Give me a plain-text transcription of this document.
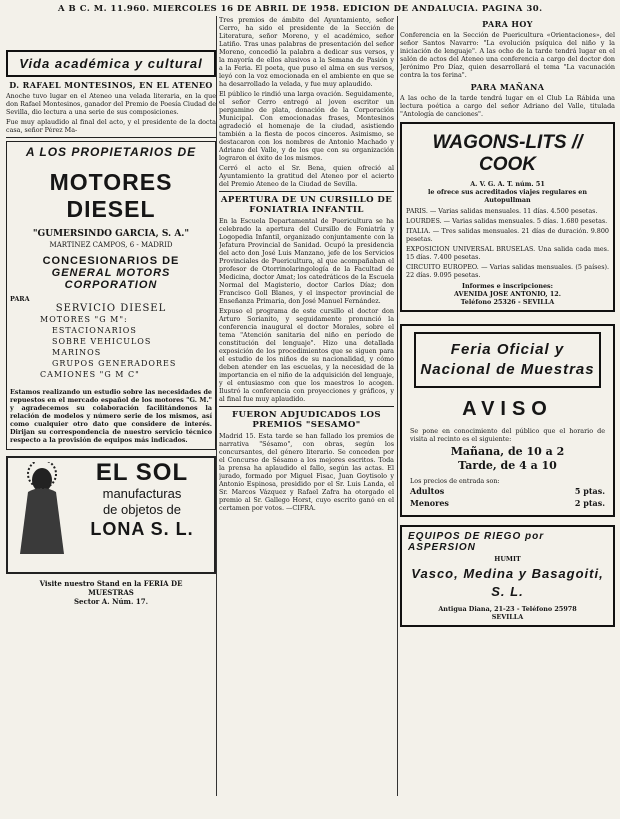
A B C. M. 11.960. MIERCOLES 16 DE ABRIL DE 1958. EDICION DE ANDALUCIA. PAGINA 30.
Vida académica y cultural
D. RAFAEL MONTESINOS, EN EL ATENEO

Anoche tuvo lugar en el Ateneo una velada literaria, en la que don Rafael Montesinos, ganador del Premio de Poesía Ciudad de Sevilla, dio lectura a una serie de sus composiciones.

Fue muy aplaudido al final del acto, y el presidente de la docta casa, señor Pérez Ma-

A LOS PROPIETARIOS DE
MOTORES DIESEL
"GUMERSINDO GARCIA, S. A."
MARTINEZ CAMPOS, 6 - MADRID
CONCESIONARIOS DE
GENERAL MOTORS CORPORATION
PARA
SERVICIO DIESEL
MOTORES "G M":
ESTACIONARIOS
SOBRE VEHICULOS
MARINOS
GRUPOS GENERADORES
CAMIONES "G M C"

Estamos realizando un estudio sobre las necesidades de repuestos en el mercado español de los motores "G. M." y agradecemos su colaboración facilitándonos la relación de modelos y número serie de los mismos, así como cualquier otro dato que considere de interés. Dirijan su correspondencia de nuestro servicio técnico respecto a la provisión de equipos más indicados.

EL SOL
manufacturas
de objetos de
LONA S. L.
Visite nuestro Stand en la FERIA DE MUESTRAS
Sector A. Núm. 17.

Tres premios de ámbito del Ayuntamiento, señor Cerro, ha sido el presidente de la Sección de Literatura, señor Moreno, y el académico, señor Latiño. Tras unas palabras de presentación del señor Moreno, concedió la palabra a dedicar sus versos, y la mayoría de ellos alusivos a la Semana de Pasión y a la Feria. El poeta, que puso el alma en sus versos, leyó con la voz emocionada en el ambiente en que se ha desarrollado la velada, y fue muy aplaudido.

El público le rindió una larga ovación. Seguidamente, el señor Cerro entregó al joven escritor un pergamino de plata, donación de la Corporación Municipal. Con emocionadas frases, Montesinos agradeció el homenaje de la ciudad, asistiendo también a la fiesta de pocos cinceros. Asimismo, se destacaron con los nombres de Antonio Machado y Adriano del Valle, y de los que con su organización lograron el éxito de los mismos.

Cerró el acto el Sr. Bena, quien ofreció al Ayuntamiento la gratitud del Ateneo por el acierto del Premio Ateneo de la Ciudad de Sevilla.

APERTURA DE UN CURSILLO DE FONIATRIA INFANTIL

En la Escuela Departamental de Puericultura se ha celebrado la apertura del Cursillo de Foniatría y Logopedia Infantil, organizado conjuntamente con la Jefatura Provincial de Sanidad. Ocupó la presidencia del acto don José Luis Manzano, jefe de los Servicios Provinciales de Puericultura, al que acompañaban el profesor de Otorrinolaringología de la Facultad de Medicina, doctor Amat; los catedráticos de la Escuela Normal del Magisterio, doctor Carlos Díaz; don Francisco Goll Blanes, y el inspector provincial de Enseñanza Primaria, don José Manuel Fernández.

Expuso el programa de este cursillo el doctor don Arturo Sorianito, y seguidamente pronunció la conferencia inaugural el doctor Morales, sobre el tema "Atención sanitaria del niño en período de constitución del lenguaje". Hizo una detallada exposición de los procedimientos que se siguen para el estudio de los niños de su nacionalidad, y cómo deben atender en las escuelas, y la necesidad de la importancia en el niño de la adquisición del lenguaje, y el entusiasmo con que los maestros lo acogen. Ilustró la conferencia con proyecciones y gráficos, y al final fue muy aplaudido.

FUERON ADJUDICADOS LOS PREMIOS "SESAMO"

Madrid 15. Esta tarde se han fallado los premios de narrativa "Sésamo", con obras, según los concursantes, del género literario. Se conceden por el Concurso de Sésamo a los mejores escritos. Toda la prensa ha aplaudido el fallo, según las actas. El jurado, formado por Miguel Fisac, Juan Goytisolo y Antonio Espinosa, presidido por el Sr. Luis Landa, el Sr. Marcos Vázquez y Rafael Zafra ha otorgado el premio al Sr. Gallego Horst, cuyo escrito ganó en el certamen por votos. —CIFRA.

PARA HOY

Conferencia en la Sección de Puericultura «Orientaciones», del señor Santos Navarro: "La evolución psíquica del niño y la iniciación de lenguaje". A las ocho de la tarde tendrá lugar en el salón de actos del Ateneo una conferencia a cargo del doctor don Jerónimo Pro Díaz, quien desarrollará el tema "La vacunación contra la tos ferina".

PARA MAÑANA

A las ocho de la tarde tendrá lugar en el Club La Rábida una lectura poética a cargo del señor Adriano del Valle, titulada "Antología de canciones".

WAGONS-LITS // COOK
A. V. G. A. T. núm. 51
le ofrece sus acreditados viajes regulares en Autopullman

PARIS. — Varias salidas mensuales. 11 días. 4.500 pesetas.

LOURDES. — Varias salidas mensuales. 5 días. 1.680 pesetas.

ITALIA. — Tres salidas mensuales. 21 días de duración. 9.800 pesetas.

EXPOSICION UNIVERSAL BRUSELAS. Una salida cada mes. 15 días. 7.400 pesetas.

CIRCUITO EUROPEO. — Varias salidas mensuales. (5 países). 22 días. 9.095 pesetas.

Informes e inscripciones:
AVENIDA JOSE ANTONIO, 12.
Teléfono 25326 - SEVILLA
Feria Oficial y Nacional de Muestras
AVISO

Se pone en conocimiento del público que el horario de visita al recinto es el siguiente:

Mañana, de 10 a 2
Tarde, de 4 a 10
Los precios de entrada son:
Adultos	5 ptas.
Menores	2 ptas.
EQUIPOS DE RIEGO por ASPERSION
HUMIT
Vasco, Medina y Basagoiti, S. L.
Antigua Diana, 21-23 - Teléfono 25978
SEVILLA
